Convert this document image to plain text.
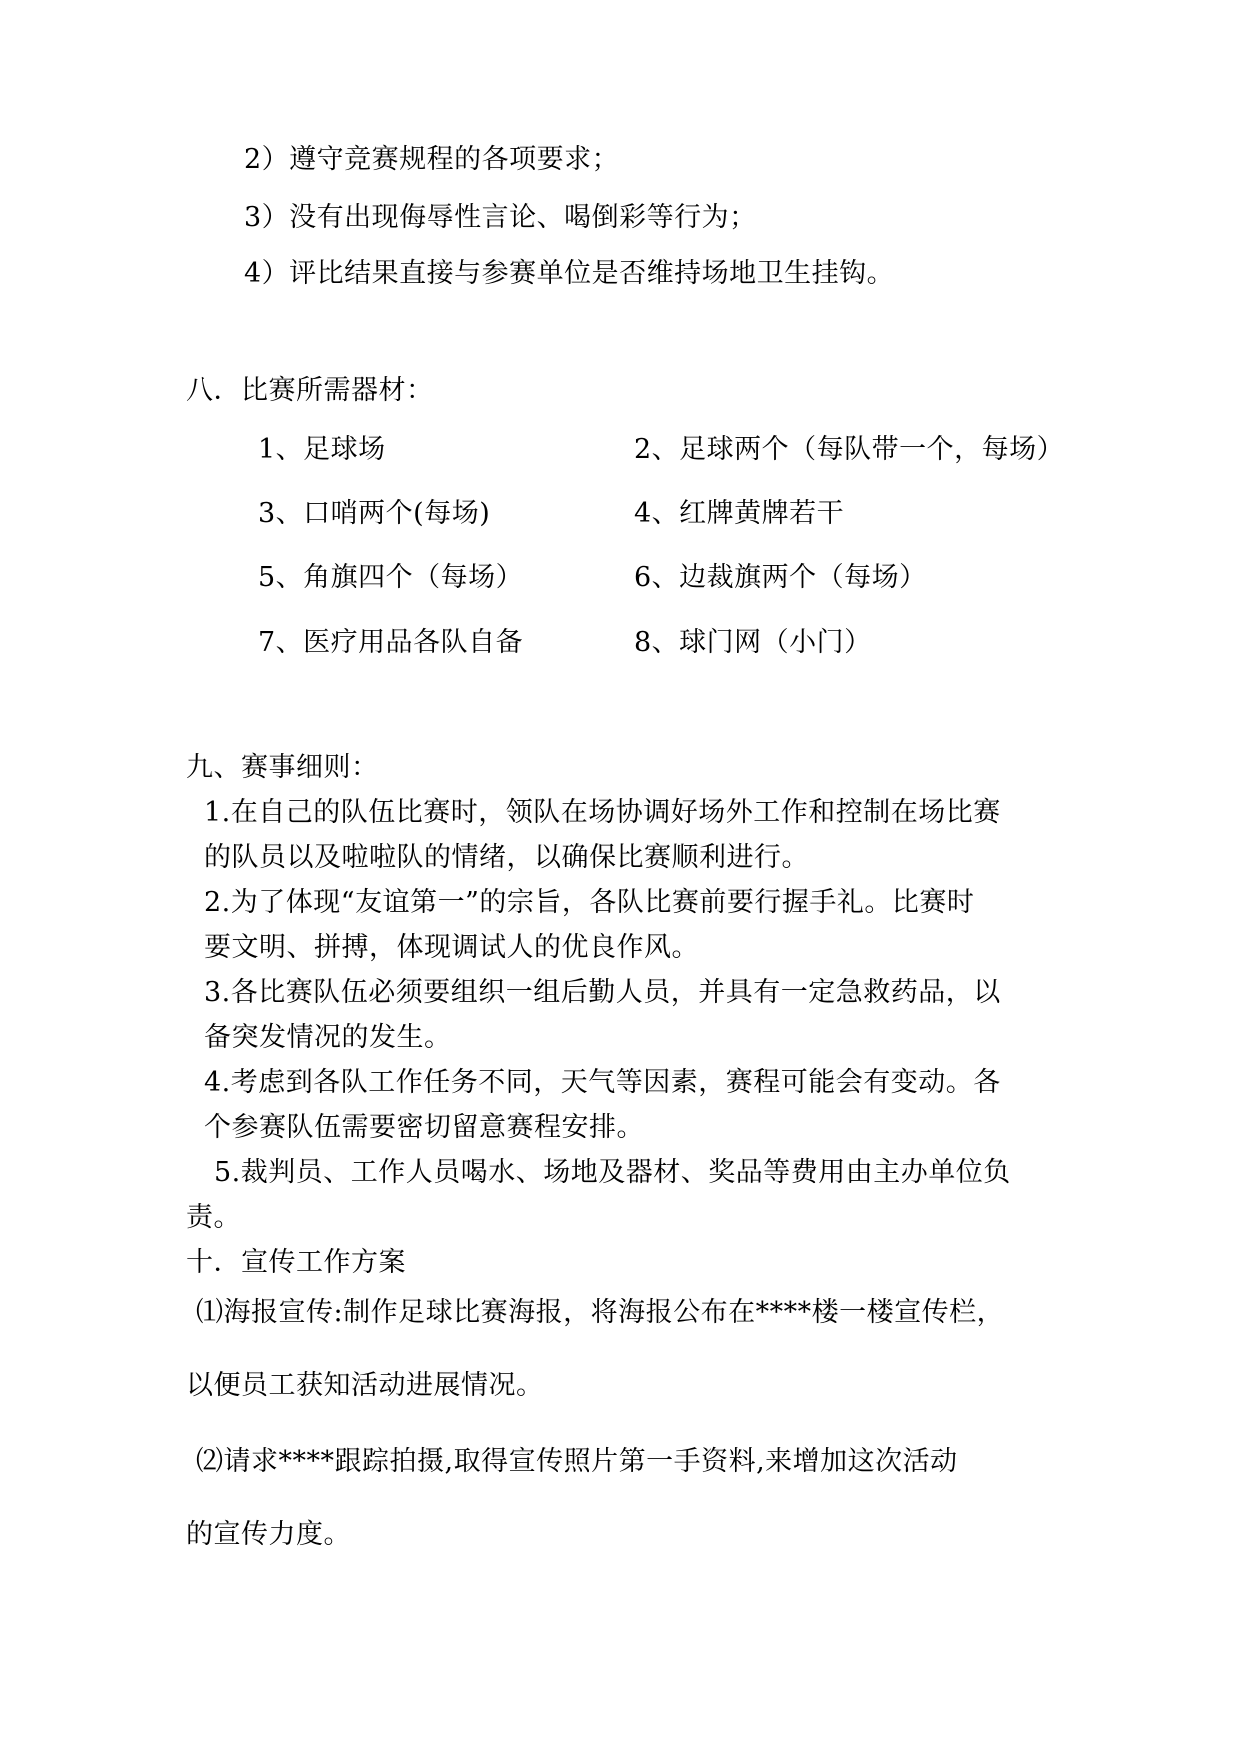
2）遵守竞赛规程的各项要求；
3）没有出现侮辱性言论、喝倒彩等行为；
4）评比结果直接与参赛单位是否维持场地卫生挂钩。
八．比赛所需器材：
1、足球场	2、足球两个（每队带一个，每场）
3、口哨两个(每场)	4、红牌黄牌若干
5、角旗四个（每场）	6、边裁旗两个（每场）
7、医疗用品各队自备	8、球门网（小门）
九、赛事细则：
1.在自己的队伍比赛时，领队在场协调好场外工作和控制在场比赛
的队员以及啦啦队的情绪，以确保比赛顺利进行。
2.为了体现“友谊第一”的宗旨，各队比赛前要行握手礼。比赛时
要文明、拼搏，体现调试人的优良作风。
3.各比赛队伍必须要组织一组后勤人员，并具有一定急救药品，以
备突发情况的发生。
4.考虑到各队工作任务不同，天气等因素，赛程可能会有变动。各
个参赛队伍需要密切留意赛程安排。
5.裁判员、工作人员喝水、场地及器材、奖品等费用由主办单位负
责。
十．宣传工作方案
⑴海报宣传:制作足球比赛海报，将海报公布在****楼一楼宣传栏，
以便员工获知活动进展情况。
⑵请求****跟踪拍摄,取得宣传照片第一手资料,来增加这次活动
的宣传力度。
